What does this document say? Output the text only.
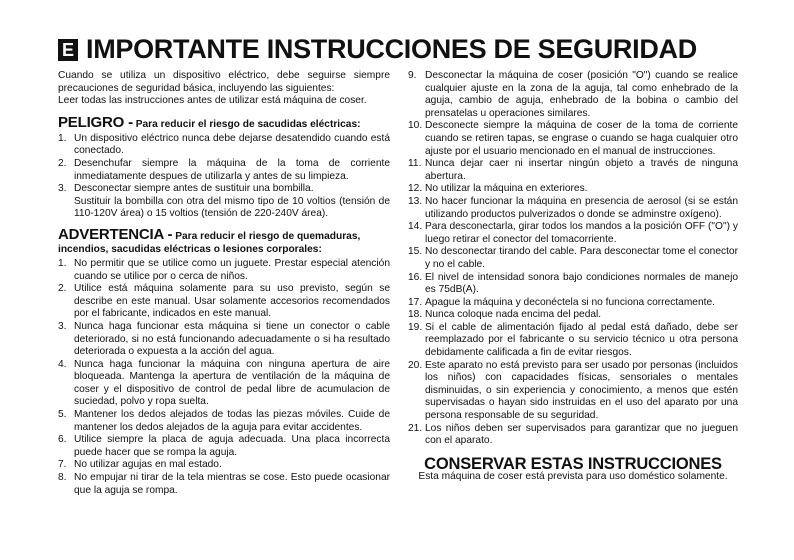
E IMPORTANTE INSTRUCCIONES DE SEGURIDAD

Cuando se utiliza un dispositivo eléctrico, debe seguirse siempre precauciones de seguridad básica, incluyendo las siguientes:

Leer todas las instrucciones antes de utilizar está máquina de coser.

PELIGRO - Para reducir el riesgo de sacudidas eléctricas:
1. Un dispositivo eléctrico nunca debe dejarse desatendido cuando está conectado.
2. Desenchufar siempre la máquina de la toma de corriente inmediatamente despues de utilizarla y antes de su limpieza.
3. Desconectar siempre antes de sustituir una bombilla.
Sustituir la bombilla con otra del mismo tipo de 10 voltios (tensión de 110-120V área) o 15 voltios (tensión de 220-240V área).
ADVERTENCIA - Para reducir el riesgo de quemaduras, incendios, sacudidas eléctricas o lesiones corporales:
1. No permitir que se utilice como un juguete. Prestar especial atención cuando se utilice por o cerca de niños.
2. Utilice está máquina solamente para su uso previsto, según se describe en este manual. Usar solamente accesorios recomendados por el fabricante, indicados en este manual.
3. Nunca haga funcionar esta máquina si tiene un conector o cable deteriorado, si no está funcionando adecuadamente o si ha resultado deteriorada o expuesta a la acción del agua.
4. Nunca haga funcionar la máquina con ninguna apertura de aire bloqueada. Mantenga la apertura de ventilación de la máquina de coser y el dispositivo de control de pedal libre de acumulacion de suciedad, polvo y ropa suelta.
5. Mantener los dedos alejados de todas las piezas móviles. Cuide de mantener los dedos alejados de la aguja para evitar accidentes.
6. Utilice siempre la placa de aguja adecuada. Una placa incorrecta puede hacer que se rompa la aguja.
7. No utilizar agujas en mal estado.
8. No empujar ni tirar de la tela mientras se cose. Esto puede ocasionar que la aguja se rompa.
9. Desconectar la máquina de coser (posición "O") cuando se realice cualquier ajuste en la zona de la aguja, tal como enhebrado de la aguja, cambio de aguja, enhebrado de la bobina o cambio del prensatelas u operaciones similares.
10. Desconecte siempre la máquina de coser de la toma de corriente cuando se retiren tapas, se engrase o cuando se haga cualquier otro ajuste por el usuario mencionado en el manual de instrucciones.
11. Nunca dejar caer ni insertar ningún objeto a través de ninguna abertura.
12. No utilizar la máquina en exteriores.
13. No hacer funcionar la máquina en presencia de aerosol (si se están utilizando productos pulverizados o donde se adminstre oxígeno).
14. Para desconectarla, girar todos los mandos a la posición OFF ("O") y luego retirar el conector del tomacorriente.
15. No desconectar tirando del cable. Para desconectar tome el conector y no el cable.
16. El nivel de intensidad sonora bajo condiciones normales de manejo es 75dB(A).
17. Apague la máquina y deconéctela si no funciona correctamente.
18. Nunca coloque nada encima del pedal.
19. Si el cable de alimentación fijado al pedal está dañado, debe ser reemplazado por el fabricante o su servicio técnico u otra persona debidamente calificada a fin de evitar riesgos.
20. Este aparato no está previsto para ser usado por personas (incluidos los niños) con capacidades físicas, sensoriales o mentales disminuidas, o sin experiencia y conocimiento, a menos que estén supervisadas o hayan sido instruidas en el uso del aparato por una persona responsable de su seguridad.
21. Los niños deben ser supervisados para garantizar que no jueguen con el aparato.
CONSERVAR ESTAS INSTRUCCIONES

Esta máquina de coser está prevista para uso doméstico solamente.
